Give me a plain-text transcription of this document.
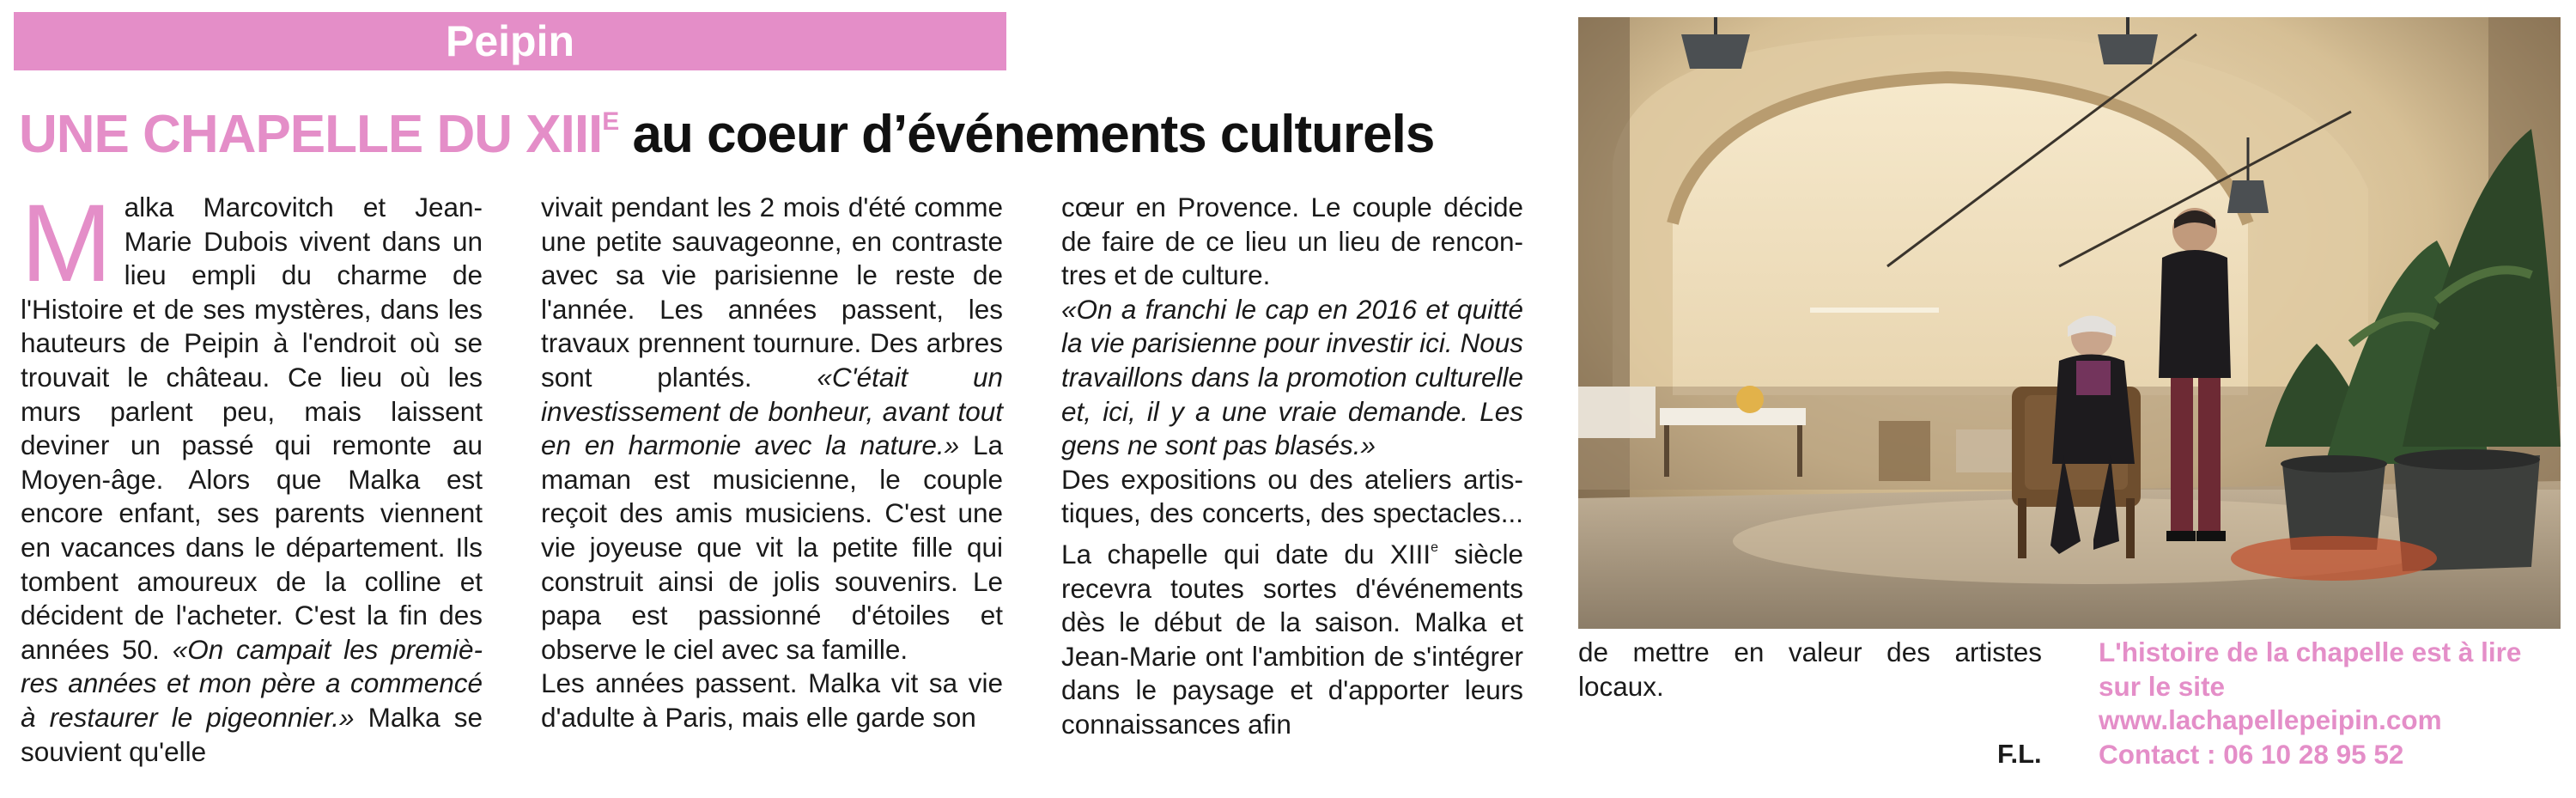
Peipin
UNE CHAPELLE DU $XIII^E$ au coeur d’événements culturels

Malka Marcovitch et Jean-Marie Dubois vivent dans un lieu empli du charme de l'Histoire et de ses mystères, dans les hauteurs de Peipin à l'endroit où se trouvait le château. Ce lieu où les murs parlent peu, mais laissent deviner un passé qui remonte au Moyen-âge. Alors que Malka est encore enfant, ses parents viennent en vacances dans le département. Ils tombent amoureux de la colline et décident de l'acheter. C'est la fin des années 50. «On campait les premières années et mon père a commencé à restaurer le pigeonnier.» Malka se souvient qu'elle

vivait pendant les 2 mois d'été comme une petite sauvageonne, en contraste avec sa vie parisienne le reste de l'année. Les années passent, les travaux prennent tournure. Des arbres sont plantés. «C'était un investissement de bonheur, avant tout en en harmonie avec la nature.» La maman est musicienne, le couple reçoit des amis musiciens. C'est une vie joyeuse que vit la petite fille qui construit ainsi de jolis souvenirs. Le papa est passionné d'étoiles et observe le ciel avec sa famille.

Les années passent. Malka vit sa vie d'adulte à Paris, mais elle garde son

cœur en Provence. Le couple décide de faire de ce lieu un lieu de rencontres et de culture.

«On a franchi le cap en 2016 et quitté la vie parisienne pour investir ici. Nous travaillons dans la promotion culturelle et, ici, il y a une vraie demande. Les gens ne sont pas blasés.»

Des expositions ou des ateliers artistiques, des concerts, des spectacles... La chapelle qui date du XIIIe siècle recevra toutes sortes d'événements dès le début de la saison. Malka et Jean-Marie ont l'ambition de s'intégrer dans le paysage et d'apporter leurs connaissances afin

de mettre en valeur des artistes locaux.

F.L.

L'histoire de la chapelle est à lire

sur le site

www.lachapellepeipin.com

Contact : 06 10 28 95 52
